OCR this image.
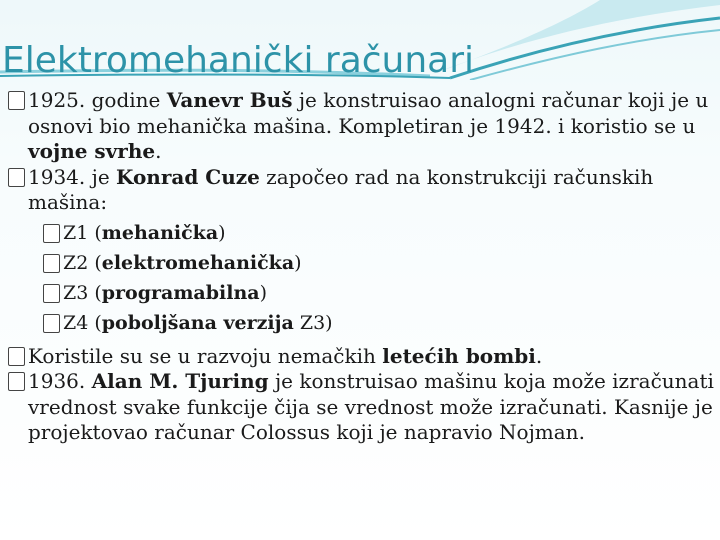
Elektromehanički računari
1925. godine Vanevr Buš je konstruisao analogni računar koji je u osnovi bio mehanička mašina. Kompletiran je 1942. i koristio se u vojne svrhe.
1934. je Konrad Cuze započeo rad na konstrukciji računskih mašina:
Z1 (mehanička)
Z2 (elektromehanička)
Z3 (programabilna)
Z4 (poboljšana verzija Z3)
Koristile su se u razvoju nemačkih letećih bombi.
1936. Alan M. Tjuring je konstruisao mašinu koja može izračunati vrednost svake funkcije čija se vrednost može izračunati. Kasnije je projektovao računar Colossus koji je napravio Nojman.
